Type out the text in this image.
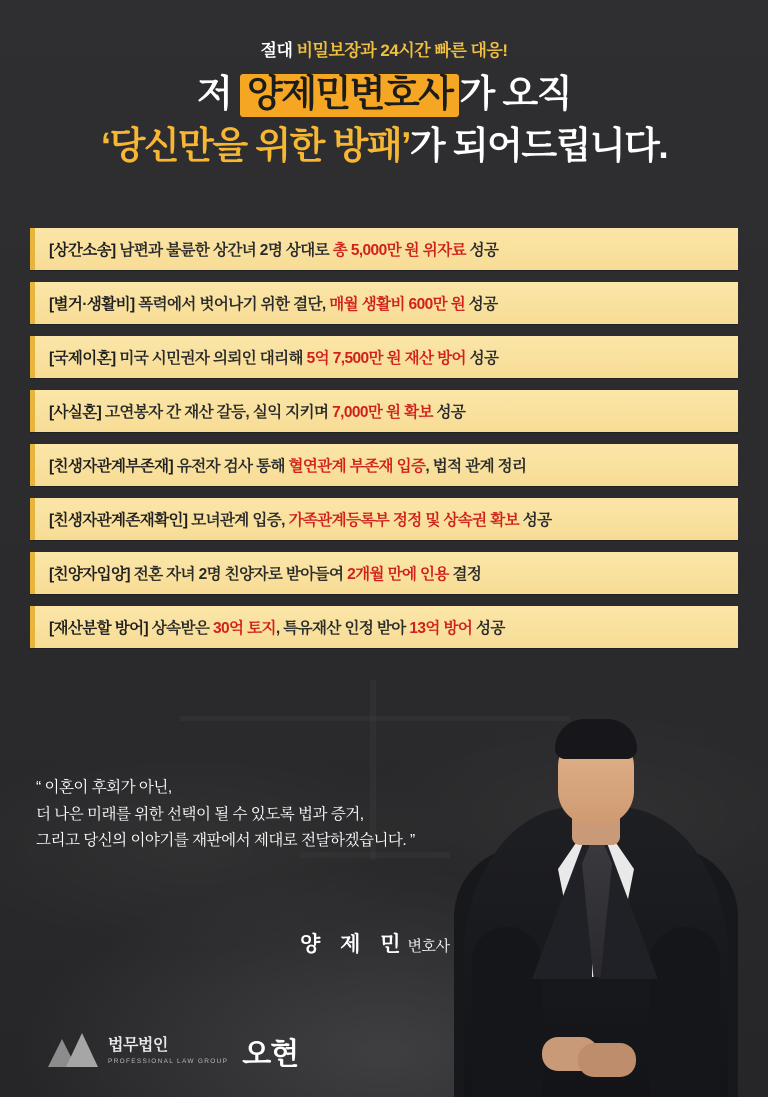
절대 비밀보장과 24시간 빠른 대응!
저 양제민변호사 가 오직
‘당신만을 위한 방패’가 되어드립니다.
[상간소송] 남편과 불륜한 상간녀 2명 상대로 총 5,000만 원 위자료 성공
[별거·생활비] 폭력에서 벗어나기 위한 결단, 매월 생활비 600만 원 성공
[국제이혼] 미국 시민권자 의뢰인 대리해 5억 7,500만 원 재산 방어 성공
[사실혼] 고연봉자 간 재산 갈등, 실익 지키며 7,000만 원 확보 성공
[친생자관계부존재] 유전자 검사 통해 혈연관계 부존재 입증, 법적 관계 정리
[친생자관계존재확인] 모녀관계 입증, 가족관계등록부 정정 및 상속권 확보 성공
[친양자입양] 전혼 자녀 2명 친양자로 받아들여 2개월 만에 인용 결정
[재산분할 방어] 상속받은 30억 토지, 특유재산 인정 받아 13억 방어 성공
“ 이혼이 후회가 아닌,
더 나은 미래를 위한 선택이 될 수 있도록 법과 증거,
그리고 당신의 이야기를 재판에서 제대로 전달하겠습니다. ”
양 제 민변호사
법무법인
PROFESSIONAL LAW GROUP 오현
